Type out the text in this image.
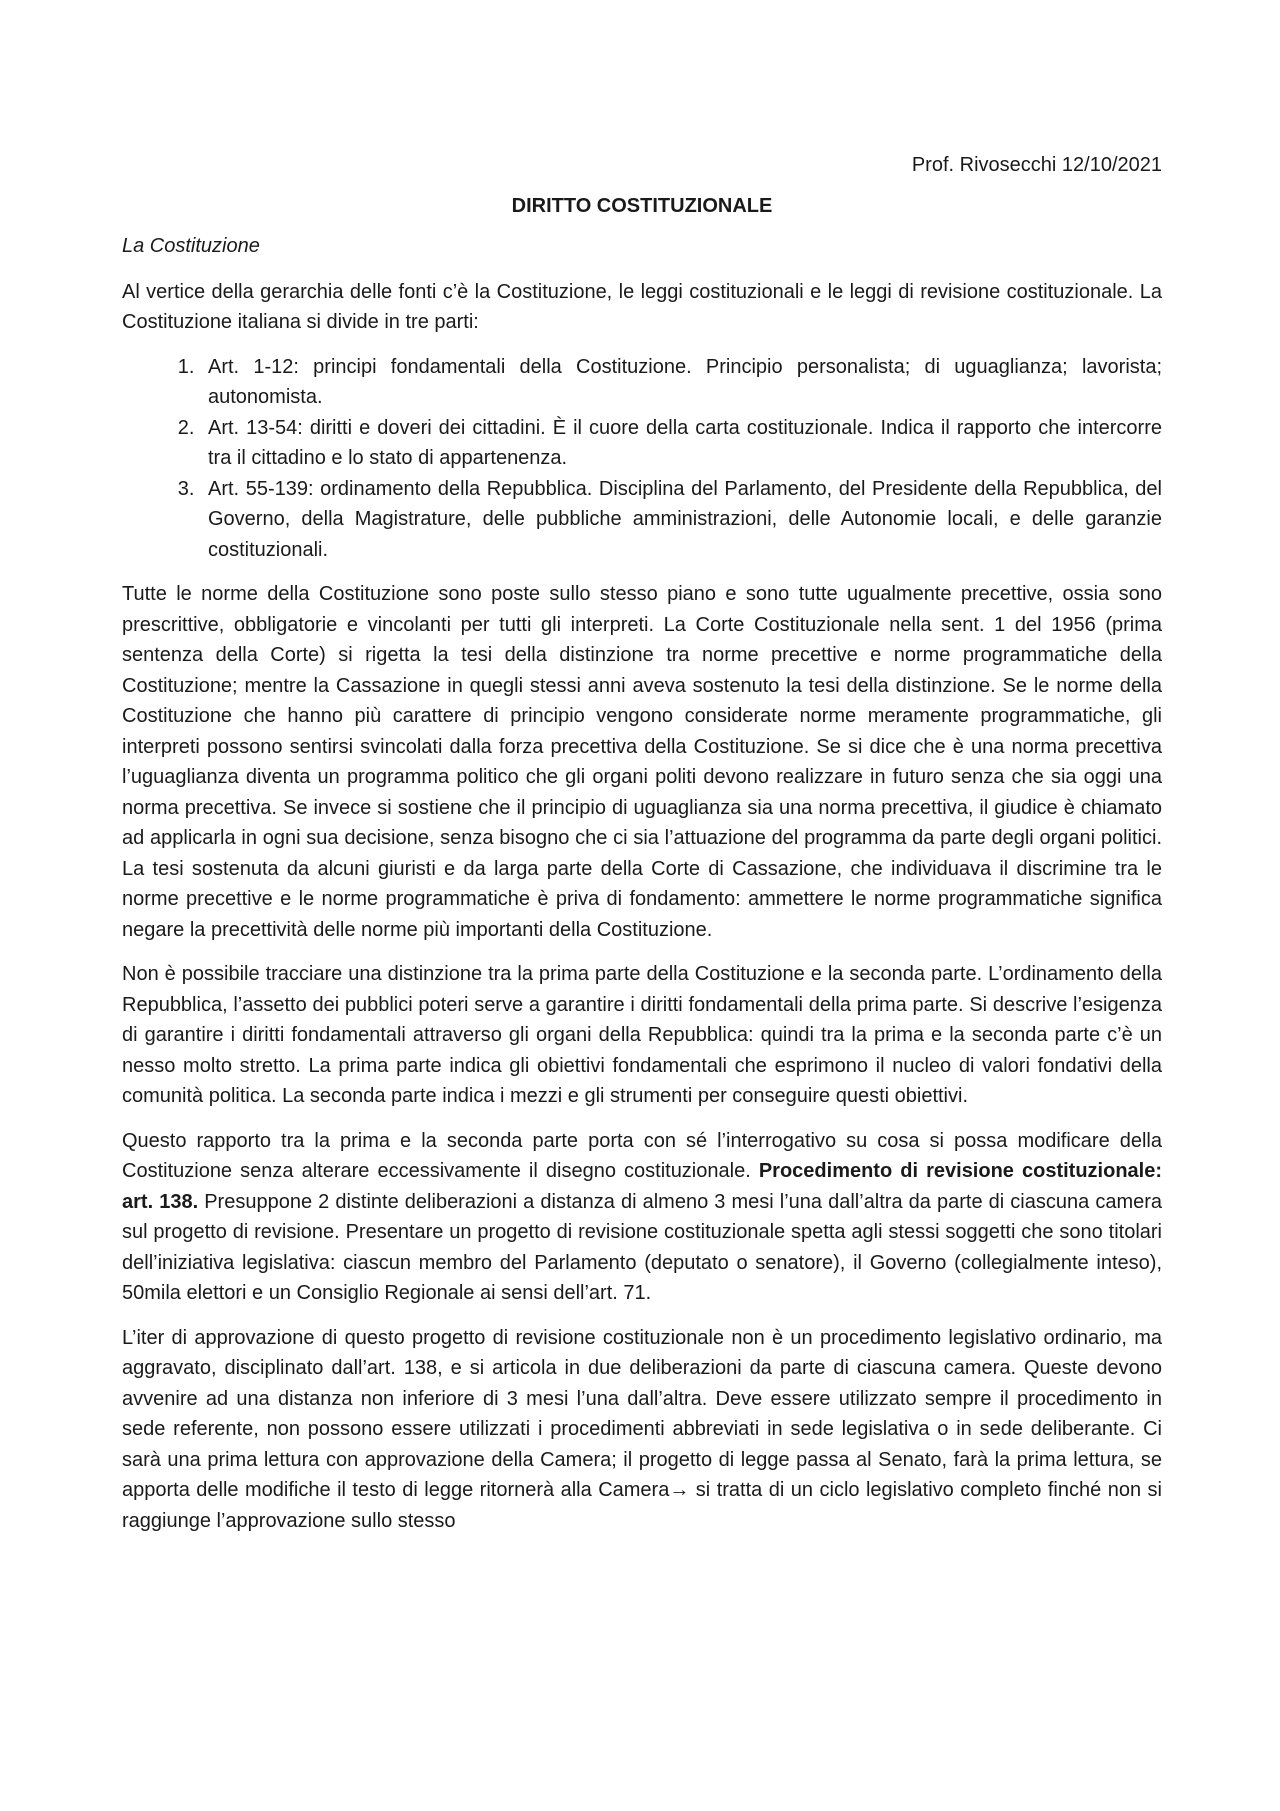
Prof. Rivosecchi 12/10/2021

DIRITTO COSTITUZIONALE

La Costituzione

Al vertice della gerarchia delle fonti c’è la Costituzione, le leggi costituzionali e le leggi di revisione costituzionale. La Costituzione italiana si divide in tre parti:

1. Art. 1-12: principi fondamentali della Costituzione. Principio personalista; di uguaglianza; lavorista; autonomista.
2. Art. 13-54: diritti e doveri dei cittadini. È il cuore della carta costituzionale. Indica il rapporto che intercorre tra il cittadino e lo stato di appartenenza.
3. Art. 55-139: ordinamento della Repubblica. Disciplina del Parlamento, del Presidente della Repubblica, del Governo, della Magistrature, delle pubbliche amministrazioni, delle Autonomie locali, e delle garanzie costituzionali.

Tutte le norme della Costituzione sono poste sullo stesso piano e sono tutte ugualmente precettive, ossia sono prescrittive, obbligatorie e vincolanti per tutti gli interpreti. La Corte Costituzionale nella sent. 1 del 1956 (prima sentenza della Corte) si rigetta la tesi della distinzione tra norme precettive e norme programmatiche della Costituzione; mentre la Cassazione in quegli stessi anni aveva sostenuto la tesi della distinzione. Se le norme della Costituzione che hanno più carattere di principio vengono considerate norme meramente programmatiche, gli interpreti possono sentirsi svincolati dalla forza precettiva della Costituzione. Se si dice che è una norma precettiva l’uguaglianza diventa un programma politico che gli organi politi devono realizzare in futuro senza che sia oggi una norma precettiva. Se invece si sostiene che il principio di uguaglianza sia una norma precettiva, il giudice è chiamato ad applicarla in ogni sua decisione, senza bisogno che ci sia l’attuazione del programma da parte degli organi politici. La tesi sostenuta da alcuni giuristi e da larga parte della Corte di Cassazione, che individuava il discrimine tra le norme precettive e le norme programmatiche è priva di fondamento: ammettere le norme programmatiche significa negare la precettività delle norme più importanti della Costituzione.

Non è possibile tracciare una distinzione tra la prima parte della Costituzione e la seconda parte. L’ordinamento della Repubblica, l’assetto dei pubblici poteri serve a garantire i diritti fondamentali della prima parte. Si descrive l’esigenza di garantire i diritti fondamentali attraverso gli organi della Repubblica: quindi tra la prima e la seconda parte c’è un nesso molto stretto. La prima parte indica gli obiettivi fondamentali che esprimono il nucleo di valori fondativi della comunità politica. La seconda parte indica i mezzi e gli strumenti per conseguire questi obiettivi.

Questo rapporto tra la prima e la seconda parte porta con sé l’interrogativo su cosa si possa modificare della Costituzione senza alterare eccessivamente il disegno costituzionale. Procedimento di revisione costituzionale: art. 138. Presuppone 2 distinte deliberazioni a distanza di almeno 3 mesi l’una dall’altra da parte di ciascuna camera sul progetto di revisione. Presentare un progetto di revisione costituzionale spetta agli stessi soggetti che sono titolari dell’iniziativa legislativa: ciascun membro del Parlamento (deputato o senatore), il Governo (collegialmente inteso), 50mila elettori e un Consiglio Regionale ai sensi dell’art. 71.

L’iter di approvazione di questo progetto di revisione costituzionale non è un procedimento legislativo ordinario, ma aggravato, disciplinato dall’art. 138, e si articola in due deliberazioni da parte di ciascuna camera. Queste devono avvenire ad una distanza non inferiore di 3 mesi l’una dall’altra. Deve essere utilizzato sempre il procedimento in sede referente, non possono essere utilizzati i procedimenti abbreviati in sede legislativa o in sede deliberante. Ci sarà una prima lettura con approvazione della Camera; il progetto di legge passa al Senato, farà la prima lettura, se apporta delle modifiche il testo di legge ritornerà alla Camera→ si tratta di un ciclo legislativo completo finché non si raggiunge l’approvazione sullo stesso
